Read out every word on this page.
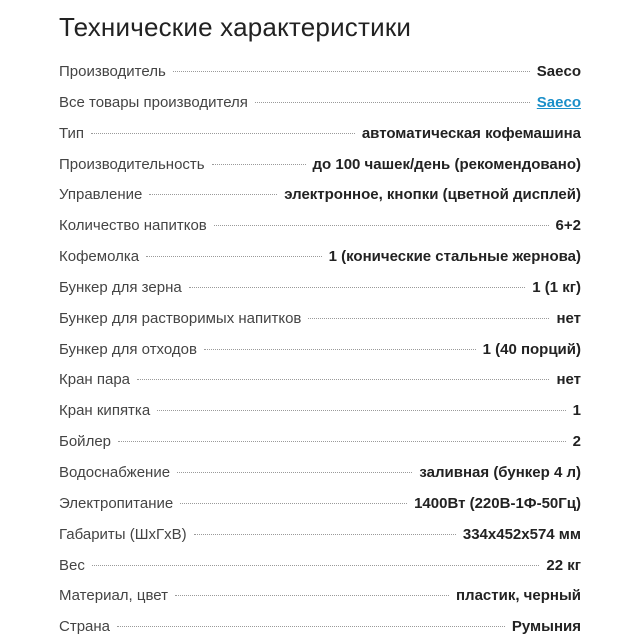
Технические характеристики
Производитель	Saeco
Все товары производителя	Saeco
Тип	автоматическая кофемашина
Производительность	до 100 чашек/день (рекомендовано)
Управление	электронное, кнопки (цветной дисплей)
Количество напитков	6+2
Кофемолка	1 (конические стальные жернова)
Бункер для зерна	1 (1 кг)
Бункер для растворимых напитков	нет
Бункер для отходов	1 (40 порций)
Кран пара	нет
Кран кипятка	1
Бойлер	2
Водоснабжение	заливная (бункер 4 л)
Электропитание	1400Вт (220В-1Ф-50Гц)
Габариты (ШхГхВ)	334x452x574 мм
Вес	22 кг
Материал, цвет	пластик, черный
Страна	Румыния
